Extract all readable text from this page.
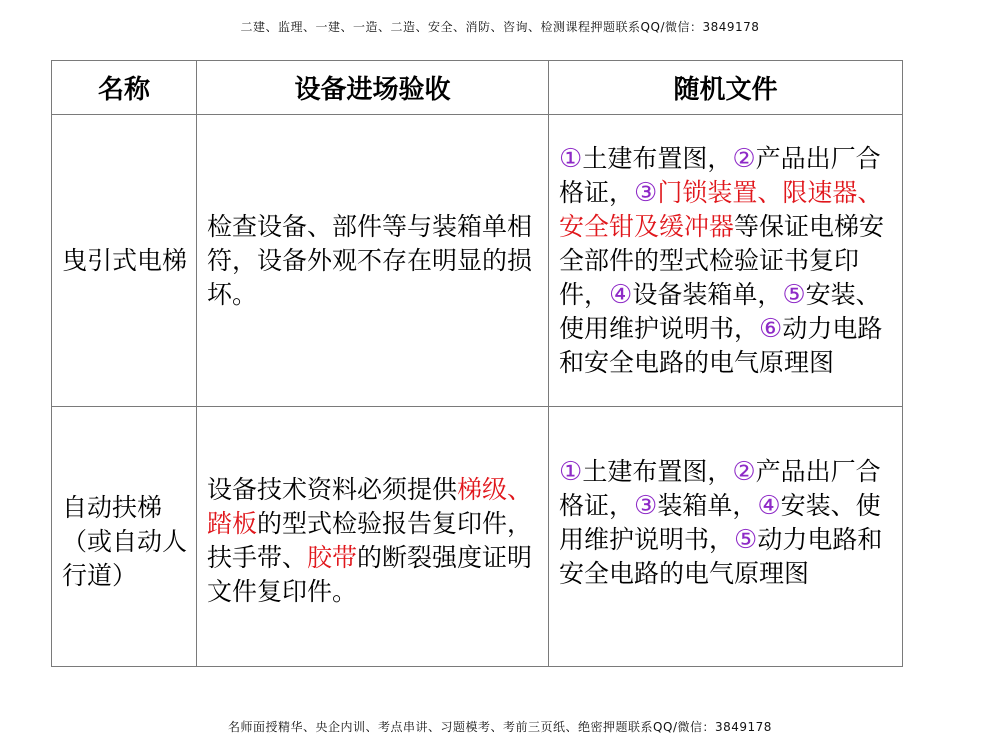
二建、监理、一建、一造、二造、安全、消防、咨询、检测课程押题联系QQ/微信：3849178
名称	设备进场验收	随机文件

曳引式电梯	检查设备、部件等与装箱单相符，设备外观不存在明显的损坏。	①土建布置图，②产品出厂合格证，③门锁装置、限速器、安全钳及缓冲器等保证电梯安全部件的型式检验证书复印件，④设备装箱单，⑤安装、使用维护说明书，⑥动力电路和安全电路的电气原理图

自动扶梯（或自动人行道）	设备技术资料必须提供梯级、踏板的型式检验报告复印件，扶手带、胶带的断裂强度证明文件复印件。	①土建布置图，②产品出厂合格证，③装箱单，④安装、使用维护说明书，⑤动力电路和安全电路的电气原理图
名师面授精华、央企内训、考点串讲、习题模考、考前三页纸、绝密押题联系QQ/微信：3849178
